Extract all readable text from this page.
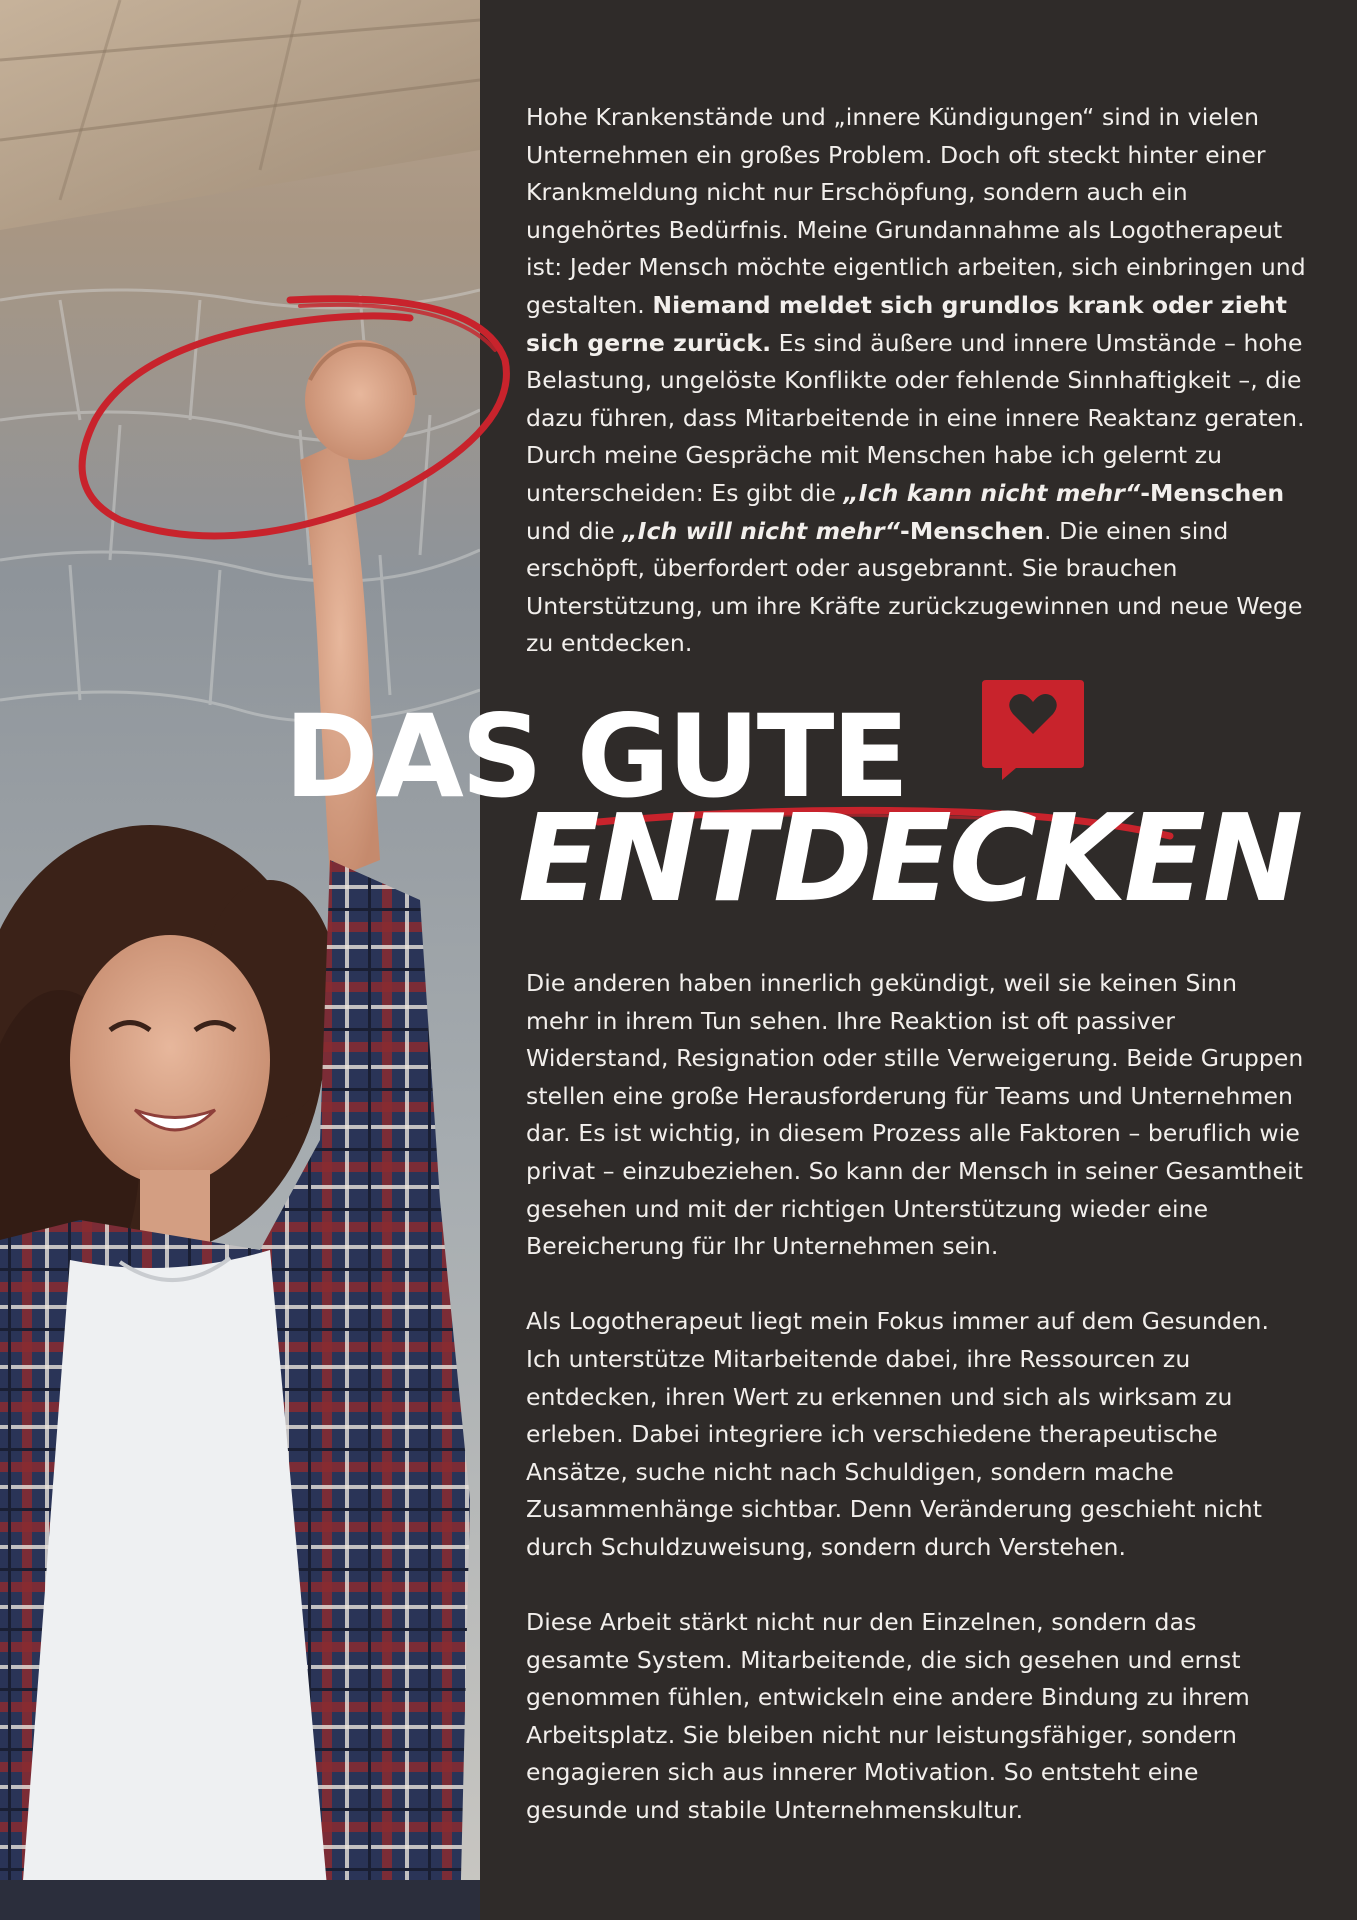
Hohe Krankenstände und „innere Kündigungen“ sind in vielen Unternehmen ein großes Problem. Doch oft steckt hinter einer Krankmeldung nicht nur Erschöpfung, sondern auch ein ungehörtes Bedürfnis. Meine Grundannahme als Logotherapeut ist: Jeder Mensch möchte eigentlich arbeiten, sich einbringen und gestalten. Niemand meldet sich grundlos krank oder zieht sich gerne zurück. Es sind äußere und innere Umstände – hohe Belastung, ungelöste Konflikte oder fehlende Sinnhaftigkeit –, die dazu führen, dass Mitarbeitende in eine innere Reaktanz geraten.

Durch meine Gespräche mit Menschen habe ich gelernt zu unterscheiden: Es gibt die „Ich kann nicht mehr“-Menschen und die „Ich will nicht mehr“-Menschen. Die einen sind erschöpft, überfordert oder ausgebrannt. Sie brauchen Unterstützung, um ihre Kräfte zurückzugewinnen und neue Wege zu entdecken.

Die anderen haben innerlich gekündigt, weil sie keinen Sinn mehr in ihrem Tun sehen. Ihre Reaktion ist oft passiver Widerstand, Resignation oder stille Verweigerung. Beide Gruppen stellen eine große Herausforderung für Teams und Unternehmen dar. Es ist wichtig, in diesem Prozess alle Faktoren – beruflich wie privat – einzubeziehen. So kann der Mensch in seiner Gesamtheit gesehen und mit der richtigen Unterstützung wieder eine Bereicherung für Ihr Unternehmen sein.

Als Logotherapeut liegt mein Fokus immer auf dem Gesunden. Ich unterstütze Mitarbeitende dabei, ihre Ressourcen zu entdecken, ihren Wert zu erkennen und sich als wirksam zu erleben. Dabei integriere ich verschiedene therapeutische Ansätze, suche nicht nach Schuldigen, sondern mache Zusammenhänge sichtbar. Denn Veränderung geschieht nicht durch Schuldzuweisung, sondern durch Verstehen.

Diese Arbeit stärkt nicht nur den Einzelnen, sondern das gesamte System. Mitarbeitende, die sich gesehen und ernst genommen fühlen, entwickeln eine andere Bindung zu ihrem Arbeitsplatz. Sie bleiben nicht nur leistungsfähiger, sondern engagieren sich aus innerer Motivation. So entsteht eine gesunde und stabile Unternehmenskultur.

DAS GUTE
ENTDECKEN
